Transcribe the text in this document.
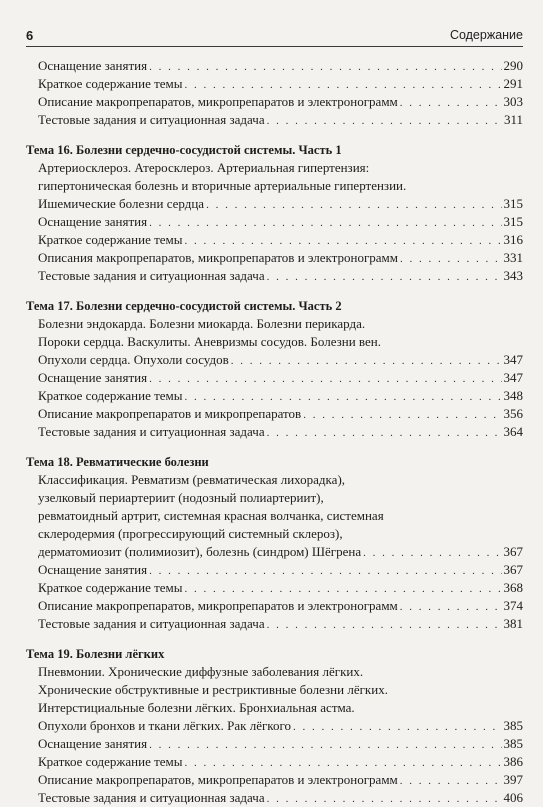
6	Содержание
Оснащение занятия . . .	290
Краткое содержание темы . . .	291
Описание макропрепаратов, микропрепаратов и электронограмм . . .	303
Тестовые задания и ситуационная задача . . .	311
Тема 16. Болезни сердечно-сосудистой системы. Часть 1
Артериосклероз. Атеросклероз. Артериальная гипертензия:
гипертоническая болезнь и вторичные артериальные гипертензии.
Ишемические болезни сердца . . .	315
Оснащение занятия . . .	315
Краткое содержание темы . . .	316
Описания макропрепаратов, микропрепаратов и электронограмм . . .	331
Тестовые задания и ситуационная задача . . .	343
Тема 17. Болезни сердечно-сосудистой системы. Часть 2
Болезни эндокарда. Болезни миокарда. Болезни перикарда.
Пороки сердца. Васкулиты. Аневризмы сосудов. Болезни вен.
Опухоли сердца. Опухоли сосудов . . .	347
Оснащение занятия . . .	347
Краткое содержание темы . . .	348
Описание макропрепаратов и микропрепаратов . . .	356
Тестовые задания и ситуационная задача . . .	364
Тема 18. Ревматические болезни
Классификация. Ревматизм (ревматическая лихорадка),
узелковый периартериит (нодозный полиартериит),
ревматоидный артрит, системная красная волчанка, системная
склеродермия (прогрессирующий системный склероз),
дерматомиозит (полимиозит), болезнь (синдром) Шёгрена . . .	367
Оснащение занятия . . .	367
Краткое содержание темы . . .	368
Описание макропрепаратов, микропрепаратов и электронограмм . . .	374
Тестовые задания и ситуационная задача . . .	381
Тема 19. Болезни лёгких
Пневмонии. Хронические диффузные заболевания лёгких.
Хронические обструктивные и рестриктивные болезни лёгких.
Интерстициальные болезни лёгких. Бронхиальная астма.
Опухоли бронхов и ткани лёгких. Рак лёгкого . . .	385
Оснащение занятия . . .	385
Краткое содержание темы . . .	386
Описание макропрепаратов, микропрепаратов и электронограмм . . .	397
Тестовые задания и ситуационная задача . . .	406
